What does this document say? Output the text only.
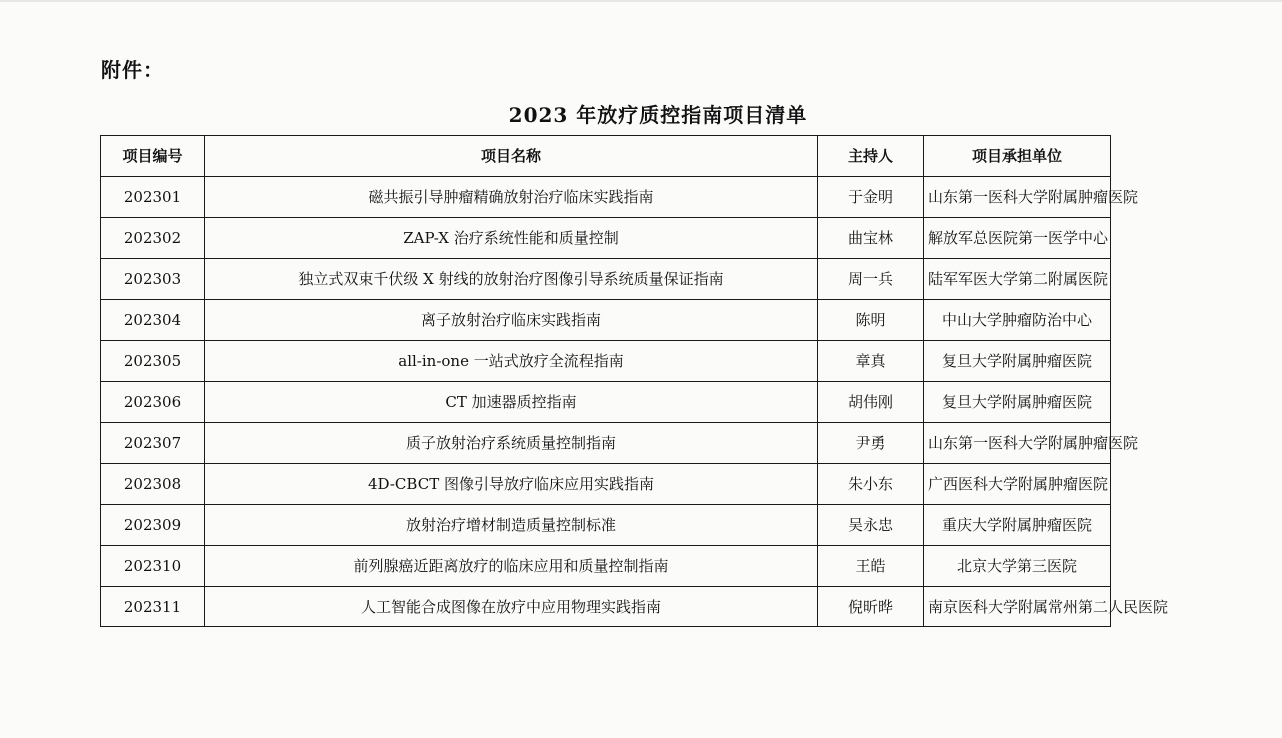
附件：
2023 年放疗质控指南项目清单
项目编号	项目名称	主持人	项目承担单位
202301	磁共振引导肿瘤精确放射治疗临床实践指南	于金明	山东第一医科大学附属肿瘤医院
202302	ZAP-X 治疗系统性能和质量控制	曲宝林	解放军总医院第一医学中心
202303	独立式双束千伏级 X 射线的放射治疗图像引导系统质量保证指南	周一兵	陆军军医大学第二附属医院
202304	离子放射治疗临床实践指南	陈明	中山大学肿瘤防治中心
202305	all-in-one 一站式放疗全流程指南	章真	复旦大学附属肿瘤医院
202306	CT 加速器质控指南	胡伟刚	复旦大学附属肿瘤医院
202307	质子放射治疗系统质量控制指南	尹勇	山东第一医科大学附属肿瘤医院
202308	4D-CBCT 图像引导放疗临床应用实践指南	朱小东	广西医科大学附属肿瘤医院
202309	放射治疗增材制造质量控制标准	吴永忠	重庆大学附属肿瘤医院
202310	前列腺癌近距离放疗的临床应用和质量控制指南	王皓	北京大学第三医院
202311	人工智能合成图像在放疗中应用物理实践指南	倪昕晔	南京医科大学附属常州第二人民医院
